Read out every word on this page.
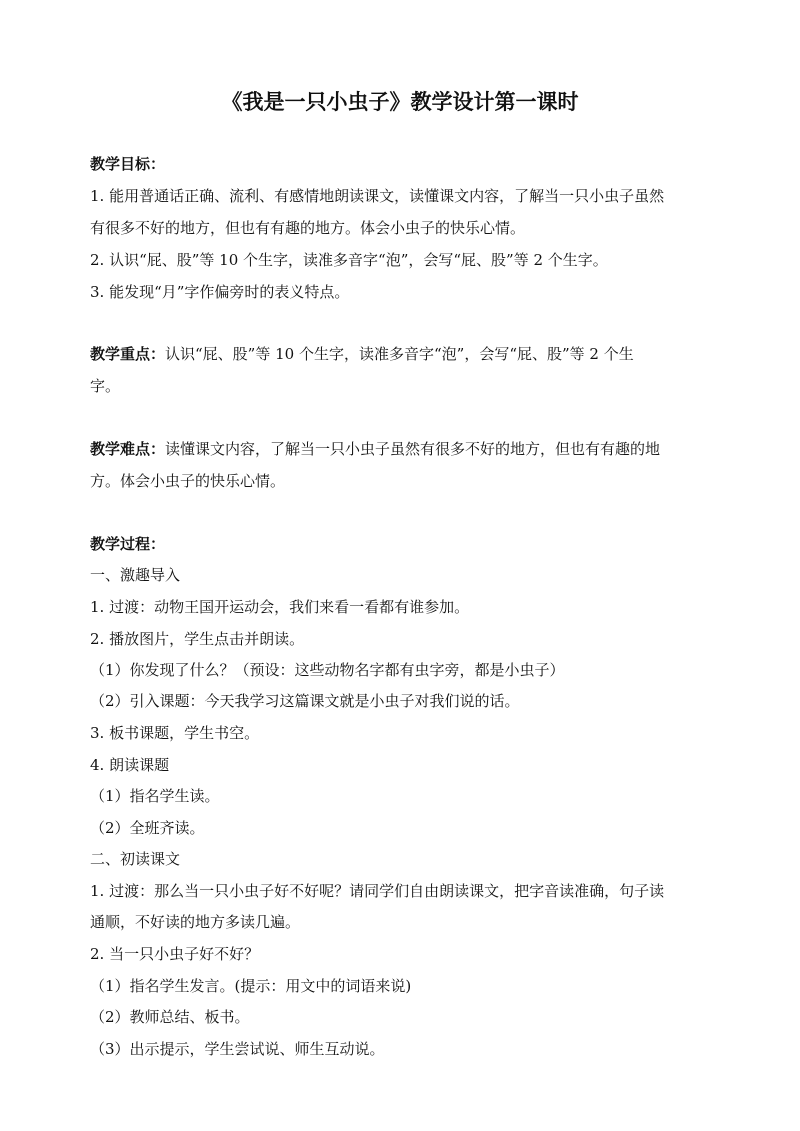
《我是一只小虫子》教学设计第一课时
教学目标：
1. 能用普通话正确、流利、有感情地朗读课文，读懂课文内容，了解当一只小虫子虽然
有很多不好的地方，但也有有趣的地方。体会小虫子的快乐心情。
2. 认识“屁、股”等 10 个生字，读准多音字“泡”，会写“屁、股”等 2 个生字。
3. 能发现“月”字作偏旁时的表义特点。
教学重点：认识“屁、股”等 10 个生字，读准多音字“泡”，会写“屁、股”等 2 个生
字。
教学难点：读懂课文内容，了解当一只小虫子虽然有很多不好的地方，但也有有趣的地
方。体会小虫子的快乐心情。
教学过程：
一、激趣导入
1. 过渡：动物王国开运动会，我们来看一看都有谁参加。
2. 播放图片，学生点击并朗读。
（1）你发现了什么？（预设：这些动物名字都有虫字旁，都是小虫子）
（2）引入课题：今天我学习这篇课文就是小虫子对我们说的话。
3. 板书课题，学生书空。
4. 朗读课题
（1）指名学生读。
（2）全班齐读。
二、初读课文
1. 过渡：那么当一只小虫子好不好呢？请同学们自由朗读课文，把字音读准确，句子读
通顺，不好读的地方多读几遍。
2. 当一只小虫子好不好？
（1）指名学生发言。(提示：用文中的词语来说)
（2）教师总结、板书。
（3）出示提示，学生尝试说、师生互动说。
